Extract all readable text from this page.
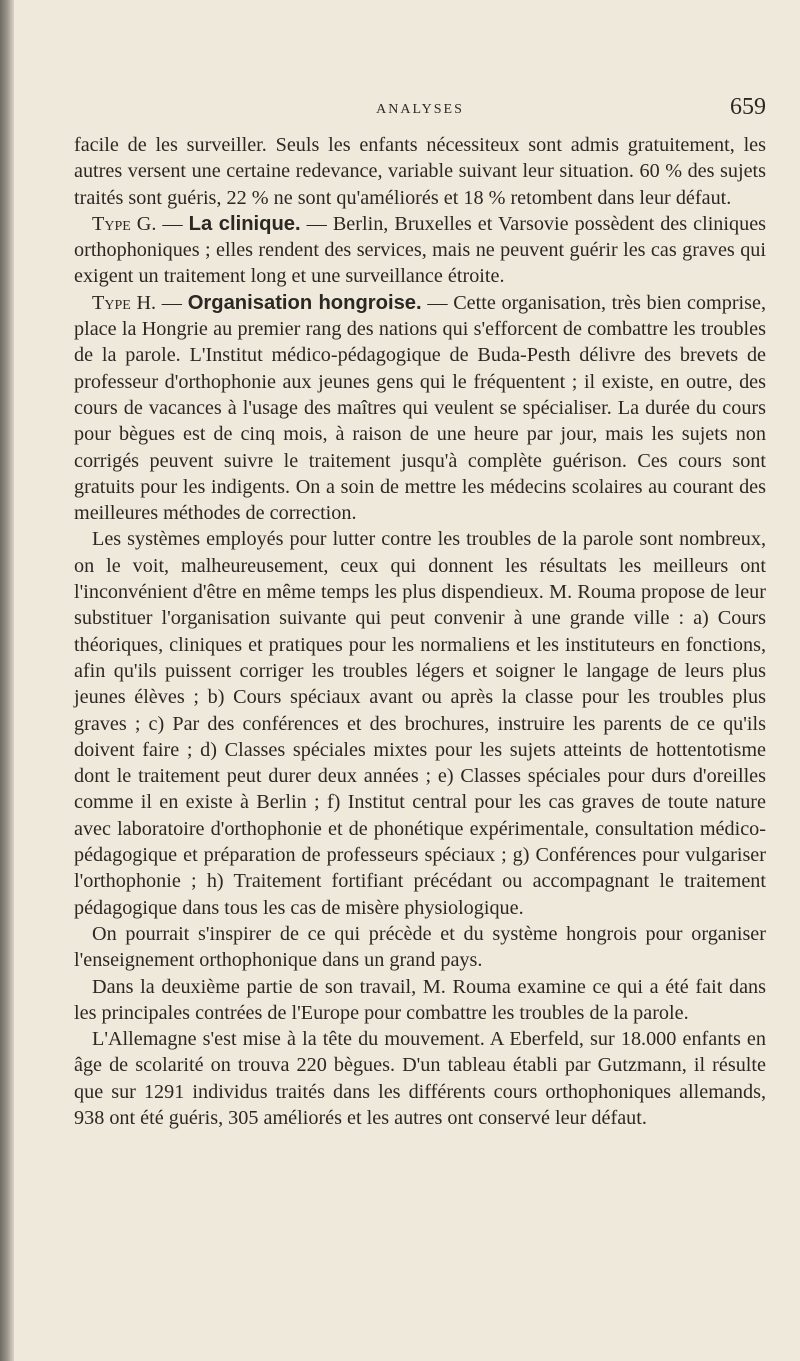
ANALYSES	659

facile de les surveiller. Seuls les enfants nécessiteux sont admis gratuitement, les autres versent une certaine redevance, variable suivant leur situation. 60 % des sujets traités sont guéris, 22 % ne sont qu'améliorés et 18 % retombent dans leur défaut.

Type G. — La clinique. — Berlin, Bruxelles et Varsovie possèdent des cliniques orthophoniques ; elles rendent des services, mais ne peuvent guérir les cas graves qui exigent un traitement long et une surveillance étroite.

Type H. — Organisation hongroise. — Cette organisation, très bien comprise, place la Hongrie au premier rang des nations qui s'efforcent de combattre les troubles de la parole. L'Institut médico-pédagogique de Buda-Pesth délivre des brevets de professeur d'orthophonie aux jeunes gens qui le fréquentent ; il existe, en outre, des cours de vacances à l'usage des maîtres qui veulent se spécialiser. La durée du cours pour bègues est de cinq mois, à raison de une heure par jour, mais les sujets non corrigés peuvent suivre le traitement jusqu'à complète guérison. Ces cours sont gratuits pour les indigents. On a soin de mettre les médecins scolaires au courant des meilleures méthodes de correction.

Les systèmes employés pour lutter contre les troubles de la parole sont nombreux, on le voit, malheureusement, ceux qui donnent les résultats les meilleurs ont l'inconvénient d'être en même temps les plus dispendieux. M. Rouma propose de leur substituer l'organisation suivante qui peut convenir à une grande ville : a) Cours théoriques, cliniques et pratiques pour les normaliens et les instituteurs en fonctions, afin qu'ils puissent corriger les troubles légers et soigner le langage de leurs plus jeunes élèves ; b) Cours spéciaux avant ou après la classe pour les troubles plus graves ; c) Par des conférences et des brochures, instruire les parents de ce qu'ils doivent faire ; d) Classes spéciales mixtes pour les sujets atteints de hottentotisme dont le traitement peut durer deux années ; e) Classes spéciales pour durs d'oreilles comme il en existe à Berlin ; f) Institut central pour les cas graves de toute nature avec laboratoire d'orthophonie et de phonétique expérimentale, consultation médico-pédagogique et préparation de professeurs spéciaux ; g) Conférences pour vulgariser l'orthophonie ; h) Traitement fortifiant précédant ou accompagnant le traitement pédagogique dans tous les cas de misère physiologique.

On pourrait s'inspirer de ce qui précède et du système hongrois pour organiser l'enseignement orthophonique dans un grand pays.

Dans la deuxième partie de son travail, M. Rouma examine ce qui a été fait dans les principales contrées de l'Europe pour combattre les troubles de la parole.

L'Allemagne s'est mise à la tête du mouvement. A Eberfeld, sur 18.000 enfants en âge de scolarité on trouva 220 bègues. D'un tableau établi par Gutzmann, il résulte que sur 1291 individus traités dans les différents cours orthophoniques allemands, 938 ont été guéris, 305 améliorés et les autres ont conservé leur défaut.
